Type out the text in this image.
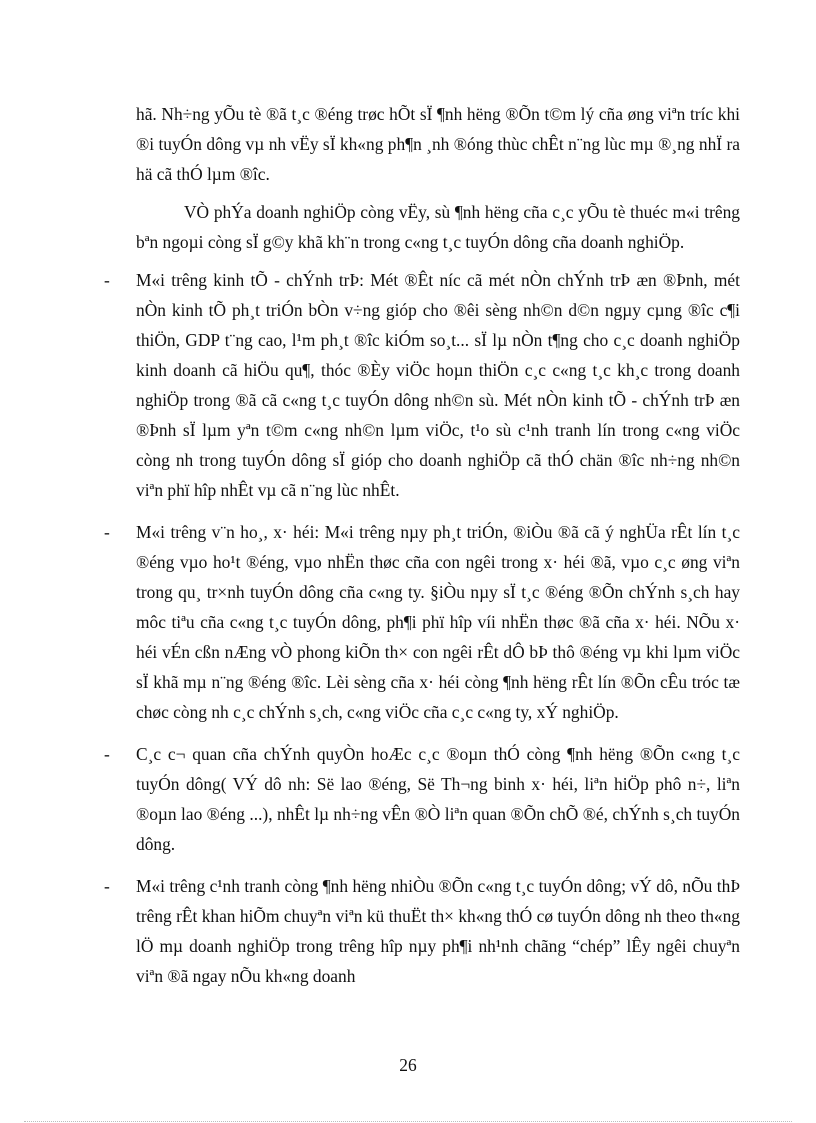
hã. Nh÷ng yÕu tè ®ã t¸c ®éng trøc hÕt sÏ ¶nh hëng ®Õn t©m lý cña øng viªn tríc khi ®i tuyÓn dông vµ nh vËy sÏ kh«ng ph¶n ¸nh ®óng thùc chÊt n¨ng lùc mµ ®¸ng nhÏ ra hä cã thÓ lµm ®îc.

VÒ phÝa doanh nghiÖp còng vËy, sù ¶nh hëng cña c¸c yÕu tè thuéc m«i trêng bªn ngoµi còng sÏ g©y khã kh¨n trong c«ng t¸c tuyÓn dông cña doanh nghiÖp.

- M«i trêng kinh tÕ - chÝnh trÞ: Mét ®Êt níc cã mét nÒn chÝnh trÞ æn ®Þnh, mét nÒn kinh tÕ ph¸t triÓn bÒn v÷ng gióp cho ®êi sèng nh©n d©n ngµy cµng ®îc c¶i thiÖn, GDP t¨ng cao, l¹m ph¸t ®îc kiÓm so¸t... sÏ lµ nÒn t¶ng cho c¸c doanh nghiÖp kinh doanh cã hiÖu qu¶, thóc ®Èy viÖc hoµn thiÖn c¸c c«ng t¸c kh¸c trong doanh nghiÖp trong ®ã cã c«ng t¸c tuyÓn dông nh©n sù. Mét nÒn kinh tÕ - chÝnh trÞ æn ®Þnh sÏ lµm yªn t©m c«ng nh©n lµm viÖc, t¹o sù c¹nh tranh lín trong c«ng viÖc còng nh trong tuyÓn dông sÏ gióp cho doanh nghiÖp cã thÓ chän ®îc nh÷ng nh©n viªn phï hîp nhÊt vµ cã n¨ng lùc nhÊt.

- M«i trêng v¨n ho¸, x· héi: M«i trêng nµy ph¸t triÓn, ®iÒu ®ã cã ý nghÜa rÊt lín t¸c ®éng vµo ho¹t ®éng, vµo nhËn thøc cña con ngêi trong x· héi ®ã, vµo c¸c øng viªn trong qu¸ tr×nh tuyÓn dông cña c«ng ty. §iÒu nµy sÏ t¸c ®éng ®Õn chÝnh s¸ch hay môc tiªu cña c«ng t¸c tuyÓn dông, ph¶i phï hîp víi nhËn thøc ®ã cña x· héi. NÕu x· héi vÉn cßn nÆng vÒ phong kiÕn th× con ngêi rÊt dÔ bÞ thô ®éng vµ khi lµm viÖc sÏ khã mµ n¨ng ®éng ®îc. Lèi sèng cña x· héi còng ¶nh hëng rÊt lín ®Õn cÊu tróc tæ chøc còng nh c¸c chÝnh s¸ch, c«ng viÖc cña c¸c c«ng ty, xÝ nghiÖp.

- C¸c c¬ quan cña chÝnh quyÒn hoÆc c¸c ®oµn thÓ còng ¶nh hëng ®Õn c«ng t¸c tuyÓn dông( VÝ dô nh: Së lao ®éng, Së Th¬ng binh x· héi, liªn hiÖp phô n÷, liªn ®oµn lao ®éng ...), nhÊt lµ nh÷ng vÊn ®Ò liªn quan ®Õn chÕ ®é, chÝnh s¸ch tuyÓn dông.

- M«i trêng c¹nh tranh còng ¶nh hëng nhiÒu ®Õn c«ng t¸c tuyÓn dông; vÝ dô, nÕu thÞ trêng rÊt khan hiÕm chuyªn viªn kü thuËt th× kh«ng thÓ cø tuyÓn dông nh theo th«ng lÖ mµ doanh nghiÖp trong trêng hîp nµy ph¶i nh¹nh chãng “chép” lÊy ngêi chuyªn viªn ®ã ngay nÕu kh«ng doanh

26
